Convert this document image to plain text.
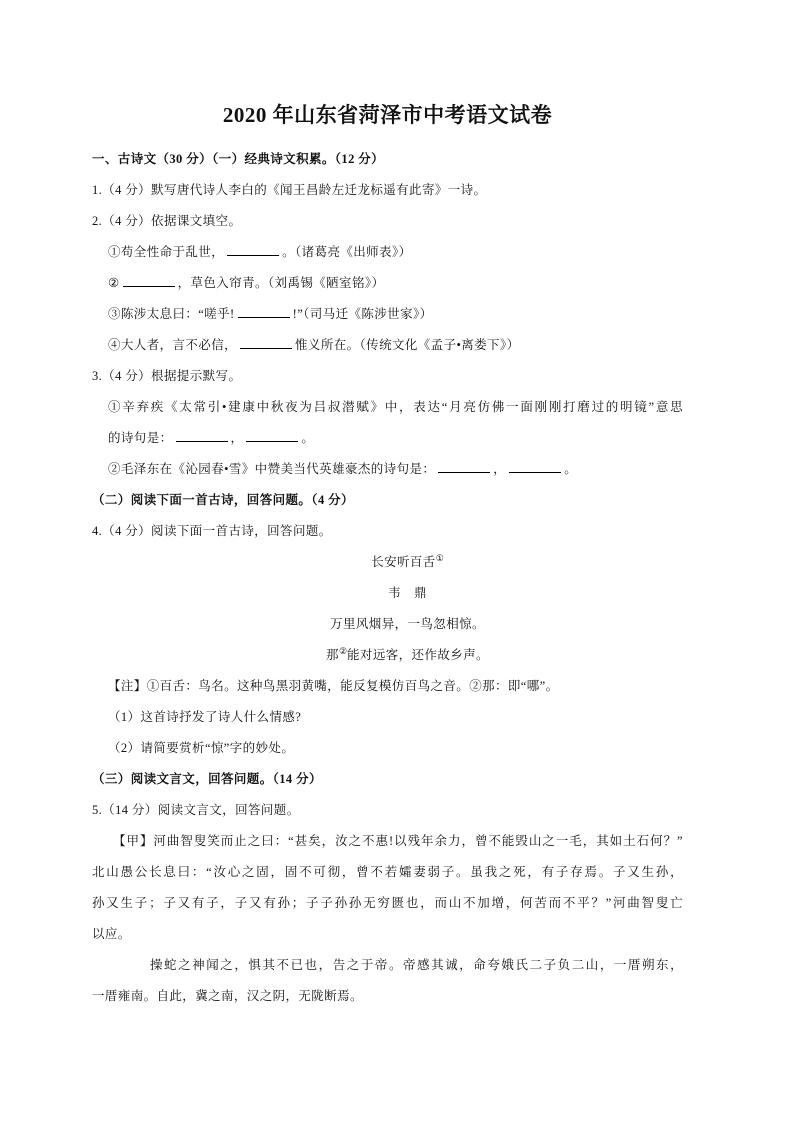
2020 年山东省菏泽市中考语文试卷
一、古诗文（30 分）（一）经典诗文积累。（12 分）
1.（4 分）默写唐代诗人李白的《闻王昌龄左迁龙标遥有此寄》一诗。
2.（4 分）依据课文填空。
①苟全性命于乱世，	。（诸葛亮《出师表》）
②	，草色入帘青。（刘禹锡《陋室铭》）
③陈涉太息曰：“嗟乎!	!”（司马迁《陈涉世家》）
④大人者，言不必信，	惟义所在。（传统文化《孟子•离娄下》）
3.（4 分）根据提示默写。
①辛弃疾《太常引•建康中秋夜为吕叔潜赋》中，表达“月亮仿佛一面刚刚打磨过的明镜”意思
的诗句是：	，	。
②毛泽东在《沁园春•雪》中赞美当代英雄豪杰的诗句是：	，	。
（二）阅读下面一首古诗，回答问题。（4 分）
4.（4 分）阅读下面一首古诗，回答问题。
长安听百舌①
韦　鼎
万里风烟异，一鸟忽相惊。
那②能对远客，还作故乡声。
【注】①百舌：鸟名。这种鸟黑羽黄嘴，能反复模仿百鸟之音。②那：即“哪”。
（1）这首诗抒发了诗人什么情感?
（2）请简要赏析“惊”字的妙处。
（三）阅读文言文，回答问题。（14 分）
5.（14 分）阅读文言文，回答问题。
【甲】河曲智叟笑而止之曰：“甚矣，汝之不惠!以残年余力，曾不能毁山之一毛，其如土石何？”
北山愚公长息曰：“汝心之固，固不可彻，曾不若孀妻弱子。虽我之死，有子存焉。子又生孙，
孙又生子；子又有子，子又有孙；子子孙孙无穷匮也，而山不加增，何苦而不平？”河曲智叟亡
以应。
操蛇之神闻之，惧其不已也，告之于帝。帝感其诚，命夸娥氏二子负二山，一厝朔东，
一厝雍南。自此，冀之南，汉之阴，无陇断焉。
